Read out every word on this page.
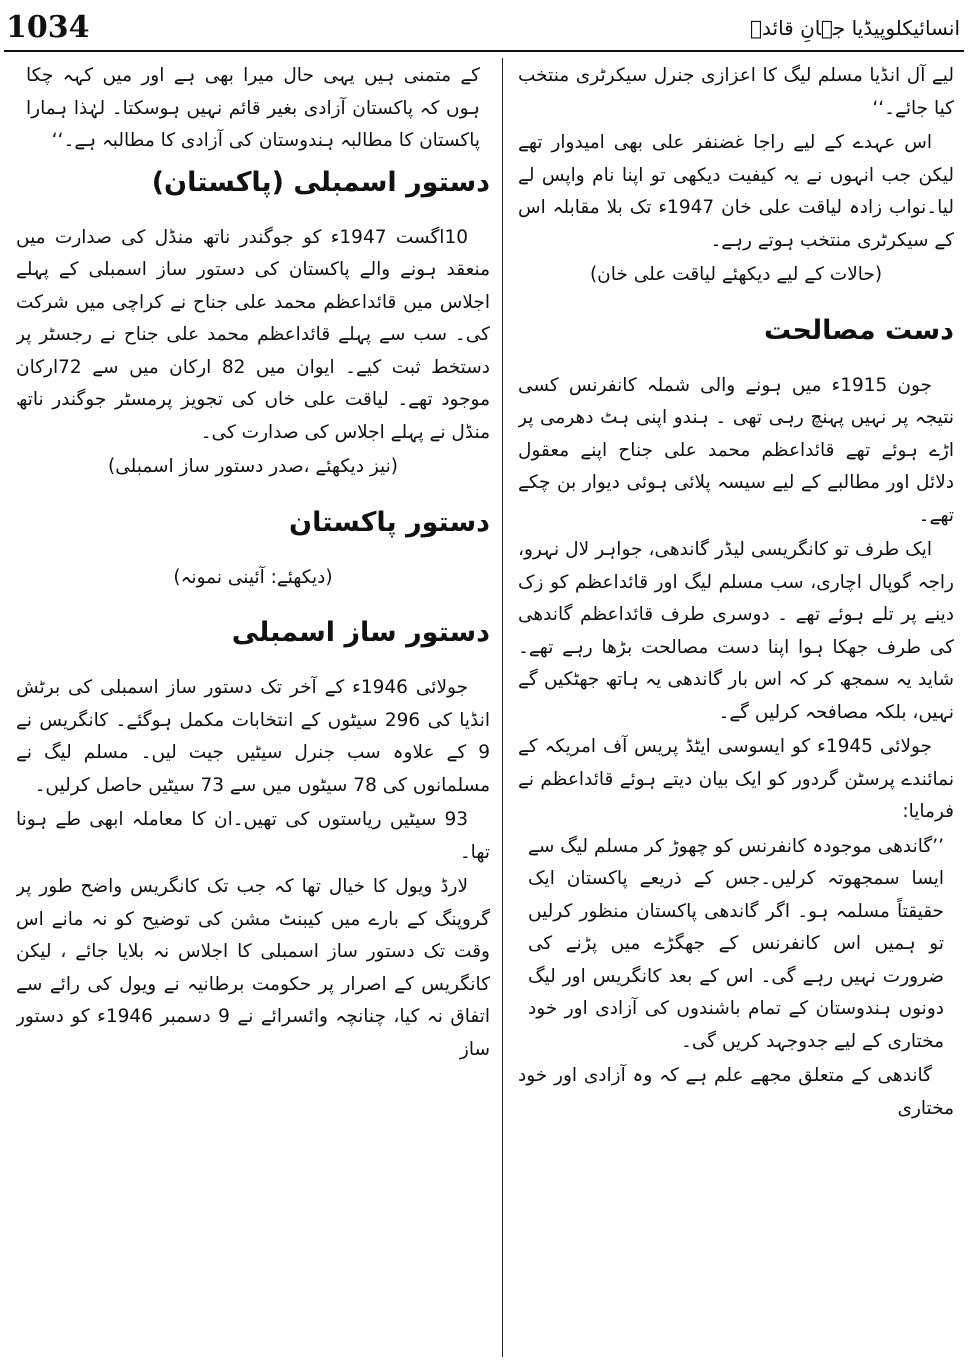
1034	انسائیکلوپیڈیا جہانِ قائدؒ

لیے آل انڈیا مسلم لیگ کا اعزازی جنرل سیکرٹری منتخب کیا جائے۔‘‘

اس عہدے کے لیے راجا غضنفر علی بھی امیدوار تھے لیکن جب انہوں نے یہ کیفیت دیکھی تو اپنا نام واپس لے لیا۔نواب زادہ لیاقت علی خان 1947ء تک بلا مقابلہ اس کے سیکرٹری منتخب ہوتے رہے۔

(حالات کے لیے دیکھئے لیاقت علی خان)

دست مصالحت

جون 1915ء میں ہونے والی شملہ کانفرنس کسی نتیجہ پر نہیں پہنچ رہی تھی ۔ ہندو اپنی ہٹ دھرمی پر اڑے ہوئے تھے قائداعظم محمد علی جناح اپنے معقول دلائل اور مطالبے کے لیے سیسہ پلائی ہوئی دیوار بن چکے تھے۔

ایک طرف تو کانگریسی لیڈر گاندھی، جواہر لال نہرو، راجہ گوپال اچاری، سب مسلم لیگ اور قائداعظم کو زک دینے پر تلے ہوئے تھے ۔ دوسری طرف قائداعظم گاندھی کی طرف جھکا ہوا اپنا دست مصالحت بڑھا رہے تھے۔شاید یہ سمجھ کر کہ اس بار گاندھی یہ ہاتھ جھٹکیں گے نہیں، بلکہ مصافحہ کرلیں گے۔

جولائی 1945ء کو ایسوسی ایٹڈ پریس آف امریکہ کے نمائندے پرسٹن گردور کو ایک بیان دیتے ہوئے قائداعظم نے فرمایا:

’’گاندھی موجودہ کانفرنس کو چھوڑ کر مسلم لیگ سے ایسا سمجھوتہ کرلیں۔جس کے ذریعے پاکستان ایک حقیقتاً مسلمہ ہو۔ اگر گاندھی پاکستان منظور کرلیں تو ہمیں اس کانفرنس کے جھگڑے میں پڑنے کی ضرورت نہیں رہے گی۔ اس کے بعد کانگریس اور لیگ دونوں ہندوستان کے تمام باشندوں کی آزادی اور خود مختاری کے لیے جدوجہد کریں گی۔

گاندھی کے متعلق مجھے علم ہے کہ وہ آزادی اور خود مختاری

کے متمنی ہیں یہی حال میرا بھی ہے اور میں کہہ چکا ہوں کہ پاکستان آزادی بغیر قائم نہیں ہوسکتا۔ لہٰذا ہمارا پاکستان کا مطالبہ ہندوستان کی آزادی کا مطالبہ ہے۔‘‘

دستور اسمبلی (پاکستان)

10اگست 1947ء کو جوگندر ناتھ منڈل کی صدارت میں منعقد ہونے والے پاکستان کی دستور ساز اسمبلی کے پہلے اجلاس میں قائداعظم محمد علی جناح نے کراچی میں شرکت کی۔ سب سے پہلے قائداعظم محمد علی جناح نے رجسٹر پر دستخط ثبت کیے۔ ایوان میں 82 ارکان میں سے 72ارکان موجود تھے۔ لیاقت علی خاں کی تجویز پرمسٹر جوگندر ناتھ منڈل نے پہلے اجلاس کی صدارت کی۔

(نیز دیکھئے ،صدر دستور ساز اسمبلی)

دستور پاکستان

(دیکھئے: آئینی نمونہ)

دستور ساز اسمبلی

جولائی 1946ء کے آخر تک دستور ساز اسمبلی کی برٹش انڈیا کی 296 سیٹوں کے انتخابات مکمل ہوگئے۔ کانگریس نے 9 کے علاوہ سب جنرل سیٹیں جیت لیں۔ مسلم لیگ نے مسلمانوں کی 78 سیٹوں میں سے 73 سیٹیں حاصل کرلیں۔

93 سیٹیں ریاستوں کی تھیں۔ان کا معاملہ ابھی طے ہونا تھا۔

لارڈ ویول کا خیال تھا کہ جب تک کانگریس واضح طور پر گروپنگ کے بارے میں کیبنٹ مشن کی توضیح کو نہ مانے اس وقت تک دستور ساز اسمبلی کا اجلاس نہ بلایا جائے ، لیکن کانگریس کے اصرار پر حکومت برطانیہ نے ویول کی رائے سے اتفاق نہ کیا، چنانچہ وائسرائے نے 9 دسمبر 1946ء کو دستور ساز
